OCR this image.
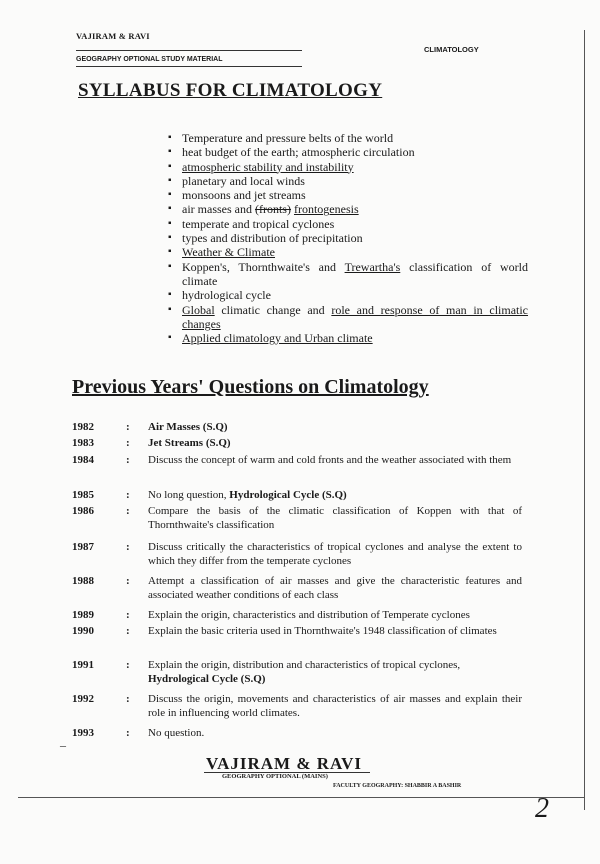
VAJIRAM & RAVI
GEOGRAPHY OPTIONAL STUDY MATERIAL
CLIMATOLOGY
SYLLABUS FOR CLIMATOLOGY
▪ Temperature and pressure belts of the world
▪ heat budget of the earth; atmospheric circulation
▪ atmospheric stability and instability
▪ planetary and local winds
▪ monsoons and jet streams
▪ air masses and (fronts) frontogenesis
▪ temperate and tropical cyclones
▪ types and distribution of precipitation
▪ Weather & Climate
▪ Koppen's, Thornthwaite's and Trewartha's classification of world climate
▪ hydrological cycle
▪ Global climatic change and role and response of man in climatic changes
▪ Applied climatology and Urban climate
Previous Years' Questions on Climatology
1982	: Air Masses (S.Q)
1983	: Jet Streams (S.Q)
1984	: Discuss the concept of warm and cold fronts and the weather associated with them
1985	: No long question, Hydrological Cycle (S.Q)
1986	: Compare the basis of the climatic classification of Koppen with that of Thornthwaite's classification
1987	: Discuss critically the characteristics of tropical cyclones and analyse the extent to which they differ from the temperate cyclones
1988	: Attempt a classification of air masses and give the characteristic features and associated weather conditions of each class
1989	: Explain the origin, characteristics and distribution of Temperate cyclones
1990	: Explain the basic criteria used in Thornthwaite's 1948 classification of climates
1991	: Explain the origin, distribution and characteristics of tropical cyclones,
Hydrological Cycle (S.Q)
1992	: Discuss the origin, movements and characteristics of air masses and explain their role in influencing world climates.
1993	: No question.
–
VAJIRAM & RAVI
GEOGRAPHY OPTIONAL (MAINS)
FACULTY GEOGRAPHY: SHABBIR A BASHIR
2
